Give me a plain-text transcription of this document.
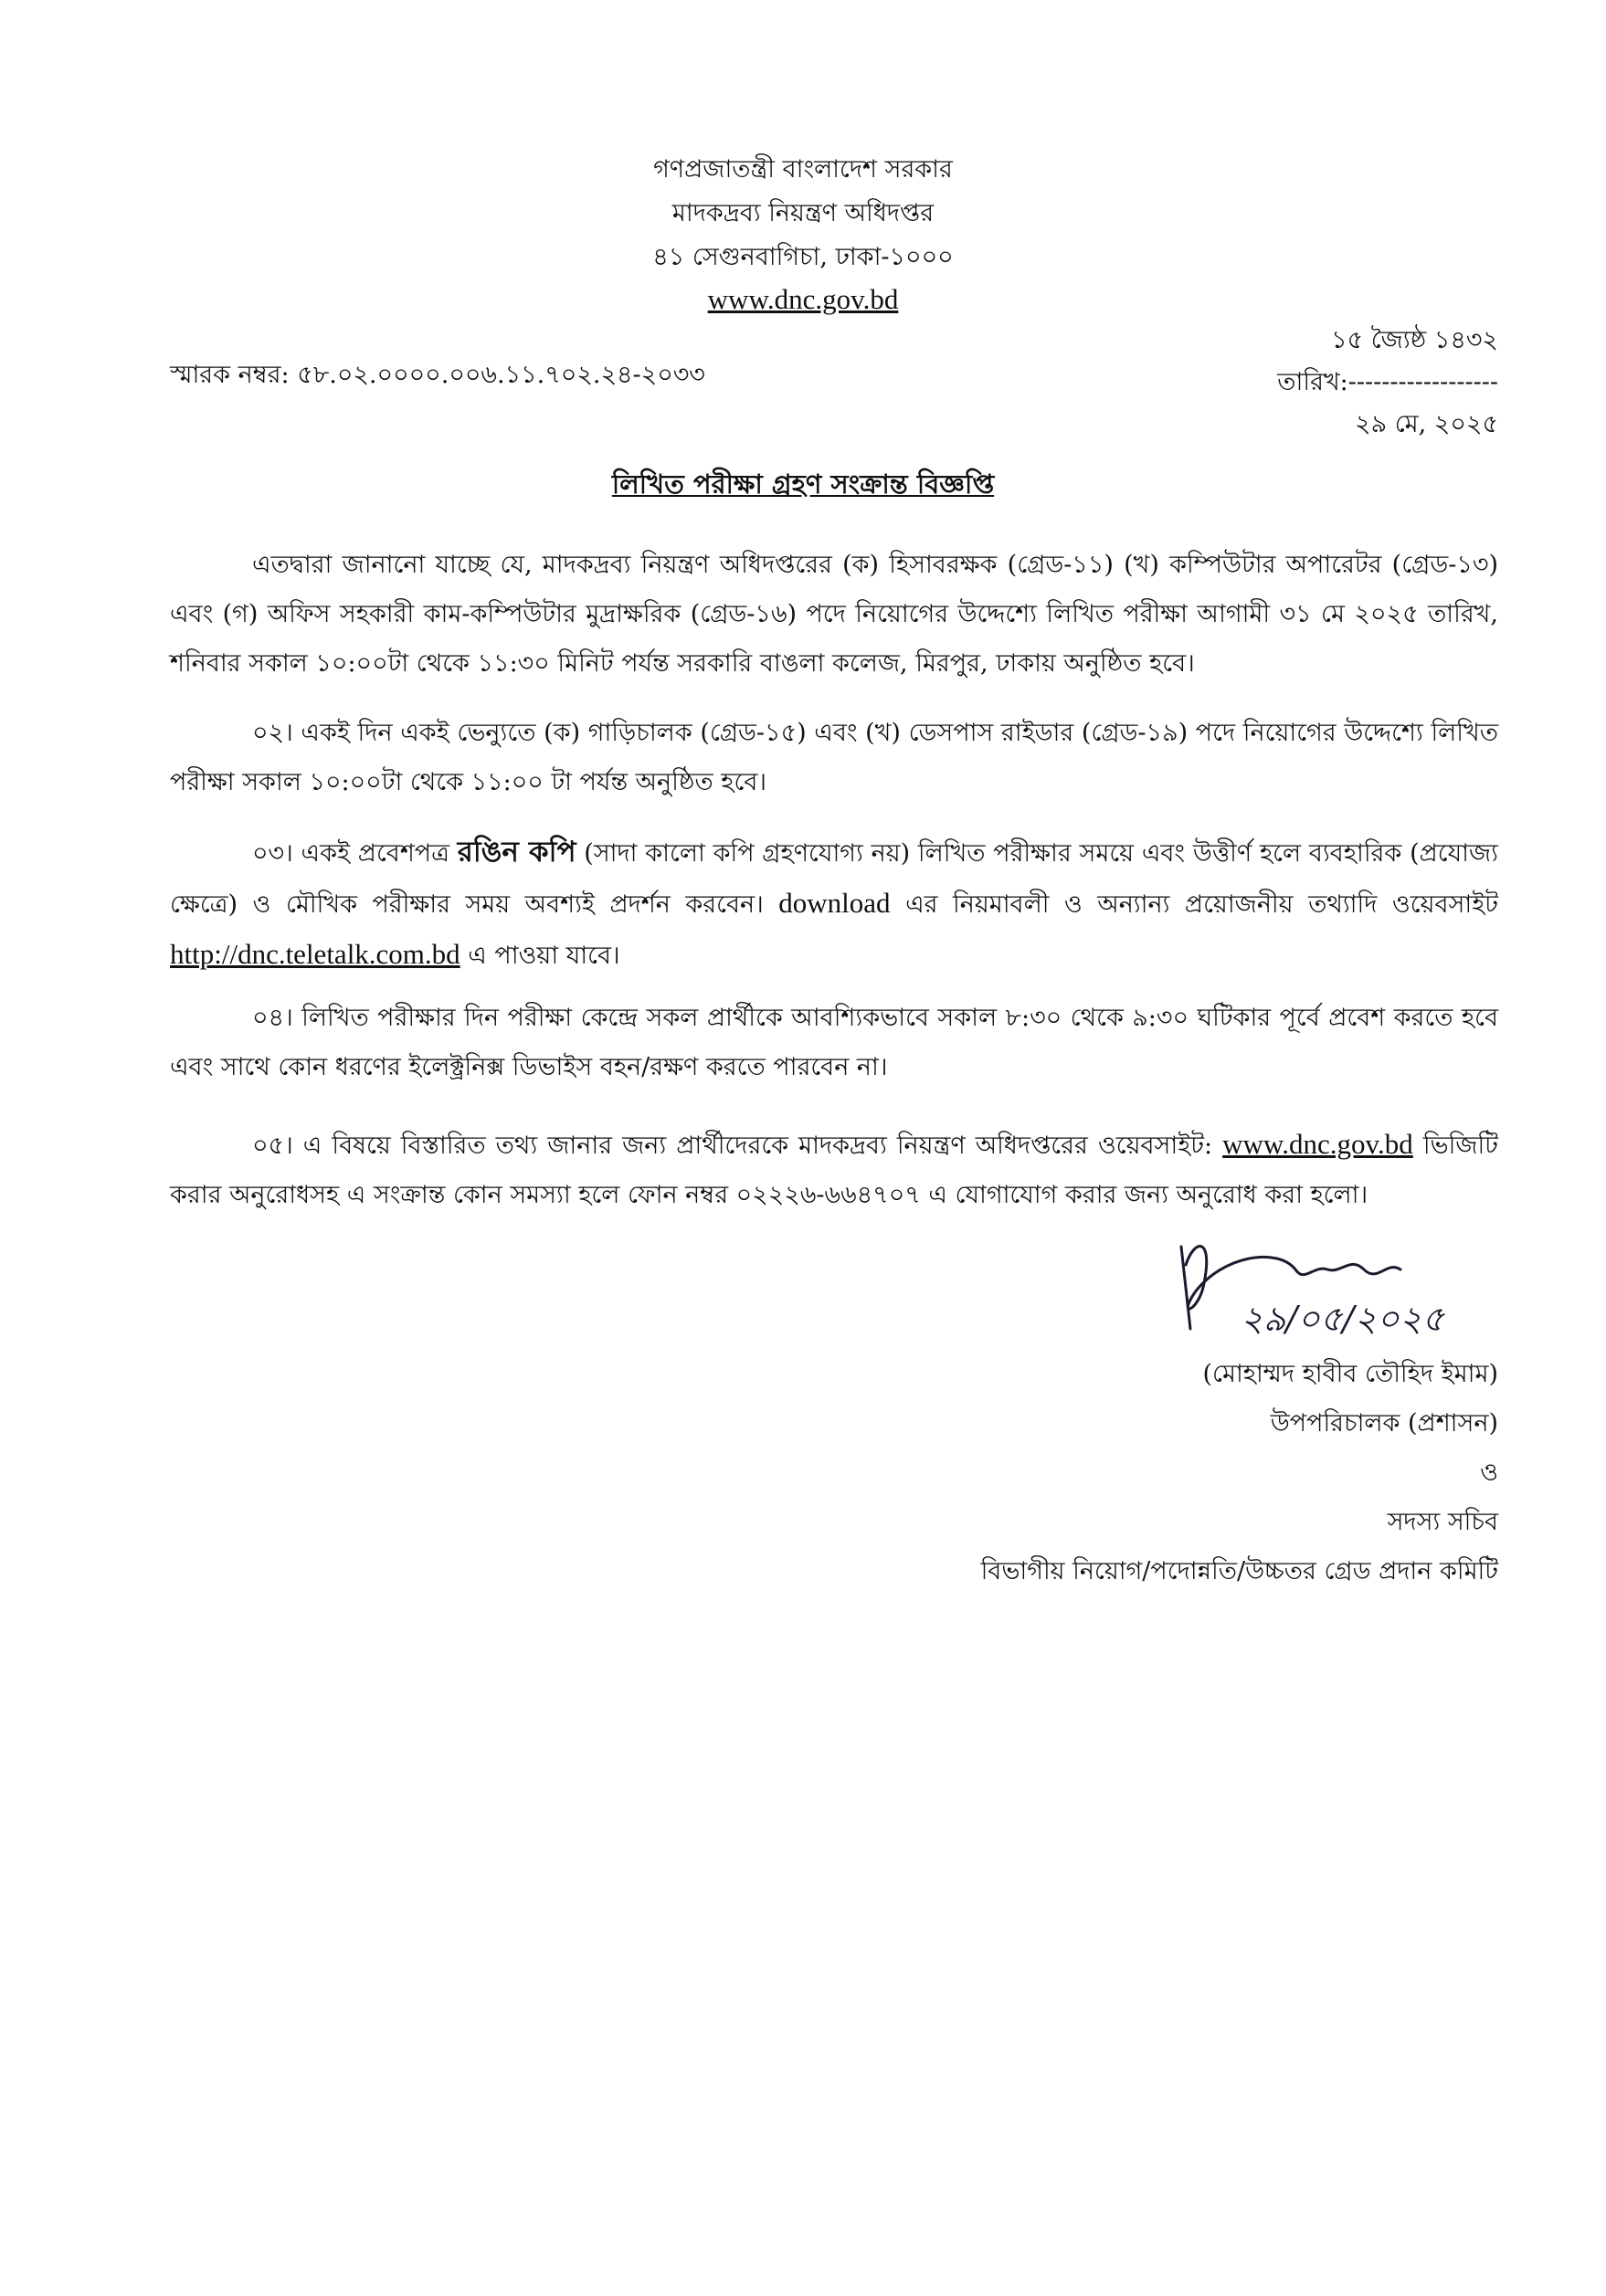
গণপ্রজাতন্ত্রী বাংলাদেশ সরকার
মাদকদ্রব্য নিয়ন্ত্রণ অধিদপ্তর
৪১ সেগুনবাগিচা, ঢাকা-১০০০
www.dnc.gov.bd
স্মারক নম্বর: ৫৮.০২.০০০০.০০৬.১১.৭০২.২৪-২০৩৩
১৫ জ্যৈষ্ঠ ১৪৩২
তারিখ:------------------
২৯ মে, ২০২৫
লিখিত পরীক্ষা গ্রহণ সংক্রান্ত বিজ্ঞপ্তি
এতদ্বারা জানানো যাচ্ছে যে, মাদকদ্রব্য নিয়ন্ত্রণ অধিদপ্তরের (ক) হিসাবরক্ষক (গ্রেড-১১) (খ) কম্পিউটার অপারেটর (গ্রেড-১৩) এবং (গ) অফিস সহকারী কাম-কম্পিউটার মুদ্রাক্ষরিক (গ্রেড-১৬) পদে নিয়োগের উদ্দেশ্যে লিখিত পরীক্ষা আগামী ৩১ মে ২০২৫ তারিখ, শনিবার সকাল ১০:০০টা থেকে ১১:৩০ মিনিট পর্যন্ত সরকারি বাঙলা কলেজ, মিরপুর, ঢাকায় অনুষ্ঠিত হবে।
০২। একই দিন একই ভেন্যুতে (ক) গাড়িচালক (গ্রেড-১৫) এবং (খ) ডেসপাস রাইডার (গ্রেড-১৯) পদে নিয়োগের উদ্দেশ্যে লিখিত পরীক্ষা সকাল ১০:০০টা থেকে ১১:০০ টা পর্যন্ত অনুষ্ঠিত হবে।
০৩। একই প্রবেশপত্র রঙিন কপি (সাদা কালো কপি গ্রহণযোগ্য নয়) লিখিত পরীক্ষার সময়ে এবং উত্তীর্ণ হলে ব্যবহারিক (প্রযোজ্য ক্ষেত্রে) ও মৌখিক পরীক্ষার সময় অবশ্যই প্রদর্শন করবেন। download এর নিয়মাবলী ও অন্যান্য প্রয়োজনীয় তথ্যাদি ওয়েবসাইট http://dnc.teletalk.com.bd এ পাওয়া যাবে।
০৪। লিখিত পরীক্ষার দিন পরীক্ষা কেন্দ্রে সকল প্রার্থীকে আবশ্যিকভাবে সকাল ৮:৩০ থেকে ৯:৩০ ঘটিকার পূর্বে প্রবেশ করতে হবে এবং সাথে কোন ধরণের ইলেক্ট্রনিক্স ডিভাইস বহন/রক্ষণ করতে পারবেন না।
০৫। এ বিষয়ে বিস্তারিত তথ্য জানার জন্য প্রার্থীদেরকে মাদকদ্রব্য নিয়ন্ত্রণ অধিদপ্তরের ওয়েবসাইট: www.dnc.gov.bd ভিজিটি করার অনুরোধসহ এ সংক্রান্ত কোন সমস্যা হলে ফোন নম্বর ০২২২৬-৬৬৪৭০৭ এ যোগাযোগ করার জন্য অনুরোধ করা হলো।
২৯/০৫/২০২৫
(মোহাম্মদ হাবীব তৌহিদ ইমাম)
উপপরিচালক (প্রশাসন)
ও
সদস্য সচিব
বিভাগীয় নিয়োগ/পদোন্নতি/উচ্চতর গ্রেড প্রদান কমিটি
